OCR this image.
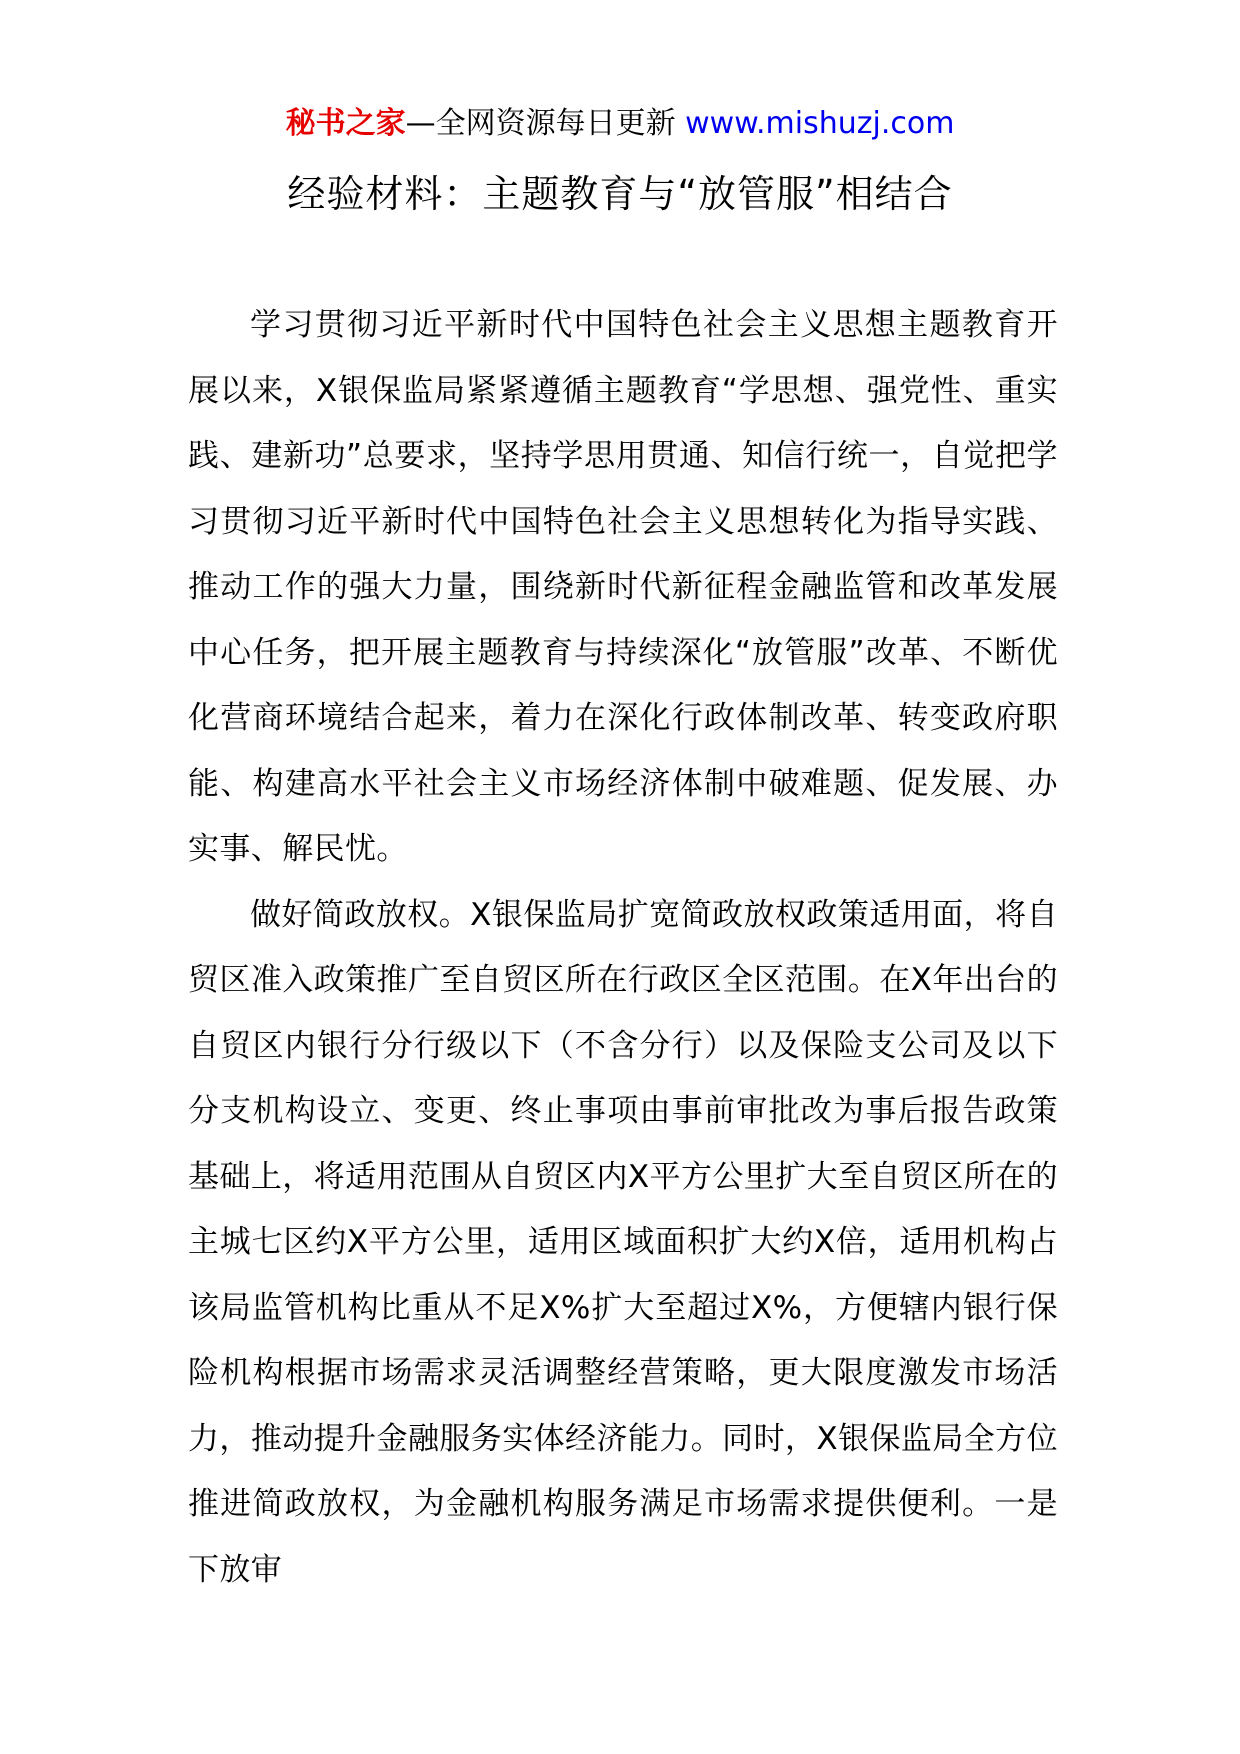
秘书之家—全网资源每日更新 www.mishuzj.com
经验材料：主题教育与“放管服”相结合

学习贯彻习近平新时代中国特色社会主义思想主题教育开展以来，X银保监局紧紧遵循主题教育“学思想、强党性、重实践、建新功”总要求，坚持学思用贯通、知信行统一，自觉把学习贯彻习近平新时代中国特色社会主义思想转化为指导实践、推动工作的强大力量，围绕新时代新征程金融监管和改革发展中心任务，把开展主题教育与持续深化“放管服”改革、不断优化营商环境结合起来，着力在深化行政体制改革、转变政府职能、构建高水平社会主义市场经济体制中破难题、促发展、办实事、解民忧。

做好简政放权。X银保监局扩宽简政放权政策适用面，将自贸区准入政策推广至自贸区所在行政区全区范围。在X年出台的自贸区内银行分行级以下（不含分行）以及保险支公司及以下分支机构设立、变更、终止事项由事前审批改为事后报告政策基础上，将适用范围从自贸区内X平方公里扩大至自贸区所在的主城七区约X平方公里，适用区域面积扩大约X倍，适用机构占该局监管机构比重从不足X%扩大至超过X%，方便辖内银行保险机构根据市场需求灵活调整经营策略，更大限度激发市场活力，推动提升金融服务实体经济能力。同时，X银保监局全方位推进简政放权，为金融机构服务满足市场需求提供便利。一是下放审
